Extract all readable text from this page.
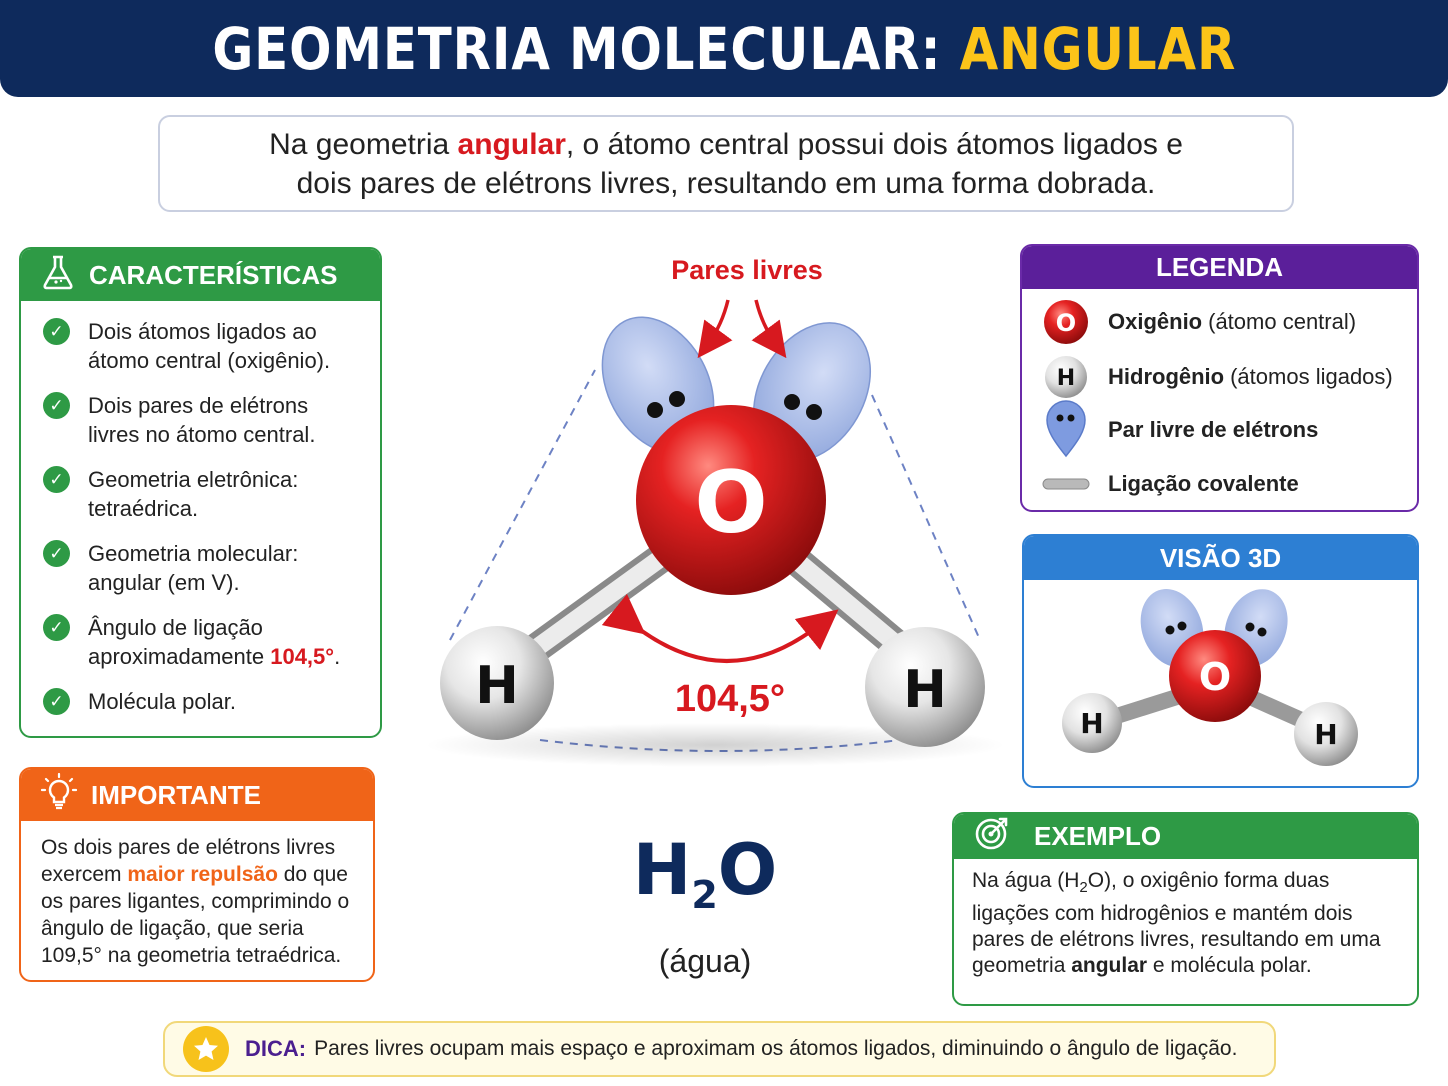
GEOMETRIA MOLECULAR: ANGULAR
Na geometria angular, o átomo central possui dois átomos ligados e
dois pares de elétrons livres, resultando em uma forma dobrada.
CARACTERÍSTICAS
✓ Dois átomos ligados ao átomo central (oxigênio).
✓ Dois pares de elétrons livres no átomo central.
✓ Geometria eletrônica: tetraédrica.
✓ Geometria molecular: angular (em V).
✓ Ângulo de ligação aproximadamente 104,5°.
✓ Molécula polar.
IMPORTANTE
Os dois pares de elétrons livres exercem maior repulsão do que os pares ligantes, comprimindo o ângulo de ligação, que seria 109,5° na geometria tetraédrica.
H	H
O
Pares livres
104,5°
$H_2O$
(água)
LEGENDA
O Oxigênio (átomo central)
H Hidrogênio (átomos ligados)
Par livre de elétrons
Ligação covalente
VISÃO 3D
H	H
O
EXEMPLO
Na água $(H_2O)$, o oxigênio forma duas ligações com hidrogênios e mantém dois pares de elétrons livres, resultando em uma geometria angular e molécula polar.
DICA: Pares livres ocupam mais espaço e aproximam os átomos ligados, diminuindo o ângulo de ligação.
